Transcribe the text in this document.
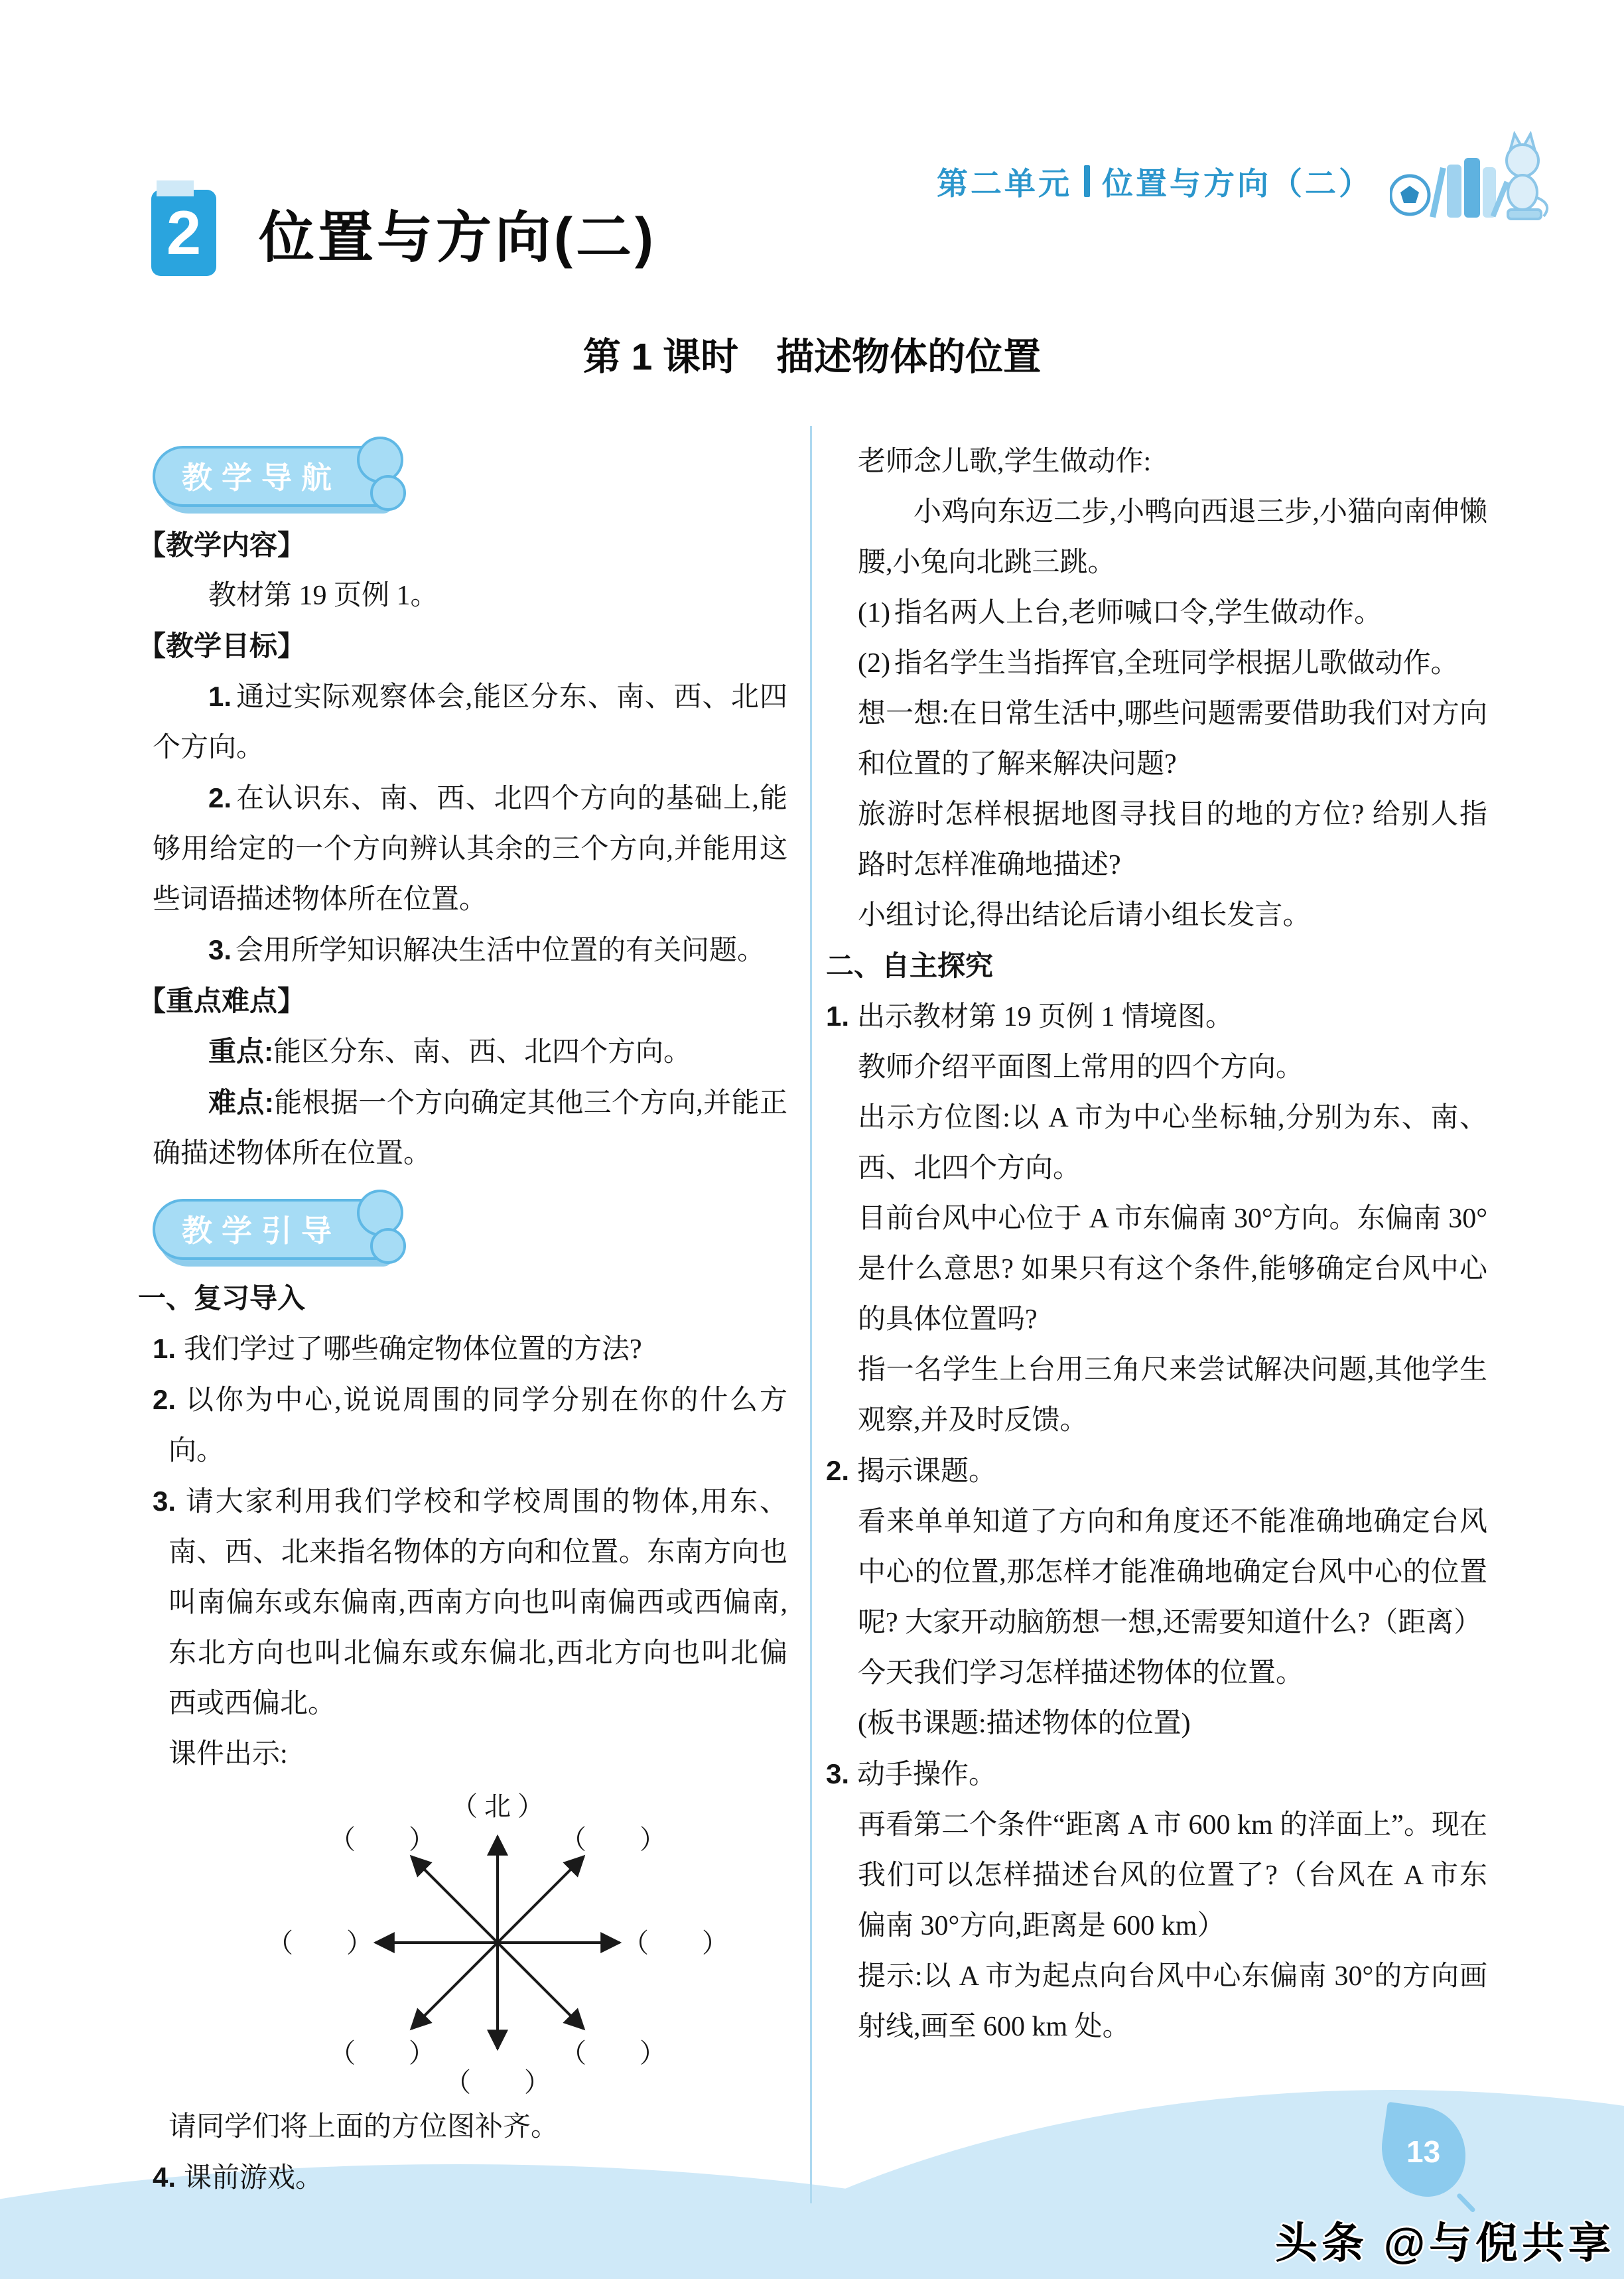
第二单元 位置与方向（二）
2 位置与方向(二)
第 1 课时　描述物体的位置
教学导航

【教学内容】

教材第 19 页例 1。

【教学目标】

1. 通过实际观察体会,能区分东、南、西、北四个方向。

2. 在认识东、南、西、北四个方向的基础上,能够用给定的一个方向辨认其余的三个方向,并能用这些词语描述物体所在位置。

3. 会用所学知识解决生活中位置的有关问题。

【重点难点】

重点:能区分东、南、西、北四个方向。

难点:能根据一个方向确定其他三个方向,并能正确描述物体所在位置。

教学引导

一、复习导入

1. 我们学过了哪些确定物体位置的方法?

2. 以你为中心,说说周围的同学分别在你的什么方向。

3. 请大家利用我们学校和学校周围的物体,用东、南、西、北来指名物体的方向和位置。东南方向也叫南偏东或东偏南,西南方向也叫南偏西或西偏南,东北方向也叫北偏东或东偏北,西北方向也叫北偏西或西偏北。

课件出示:

（ 北 ）
（　　）	（　　）
（　　）	（　　）
（　　）	（　　）
（　　）

请同学们将上面的方位图补齐。

4. 课前游戏。

老师念儿歌,学生做动作:

小鸡向东迈二步,小鸭向西退三步,小猫向南伸懒腰,小兔向北跳三跳。

(1) 指名两人上台,老师喊口令,学生做动作。

(2) 指名学生当指挥官,全班同学根据儿歌做动作。

想一想:在日常生活中,哪些问题需要借助我们对方向和位置的了解来解决问题?

旅游时怎样根据地图寻找目的地的方位? 给别人指路时怎样准确地描述?

小组讨论,得出结论后请小组长发言。

二、自主探究

1. 出示教材第 19 页例 1 情境图。

教师介绍平面图上常用的四个方向。

出示方位图:以 A 市为中心坐标轴,分别为东、南、西、北四个方向。

目前台风中心位于 A 市东偏南 30°方向。东偏南 30°是什么意思? 如果只有这个条件,能够确定台风中心的具体位置吗?

指一名学生上台用三角尺来尝试解决问题,其他学生观察,并及时反馈。

2. 揭示课题。

看来单单知道了方向和角度还不能准确地确定台风中心的位置,那怎样才能准确地确定台风中心的位置呢? 大家开动脑筋想一想,还需要知道什么?（距离）

今天我们学习怎样描述物体的位置。

(板书课题:描述物体的位置)

3. 动手操作。

再看第二个条件“距离 A 市 600 km 的洋面上”。现在我们可以怎样描述台风的位置了?（台风在 A 市东偏南 30°方向,距离是 600 km）

提示:以 A 市为起点向台风中心东偏南 30°的方向画射线,画至 600 km 处。

13
头条 @与倪共享
